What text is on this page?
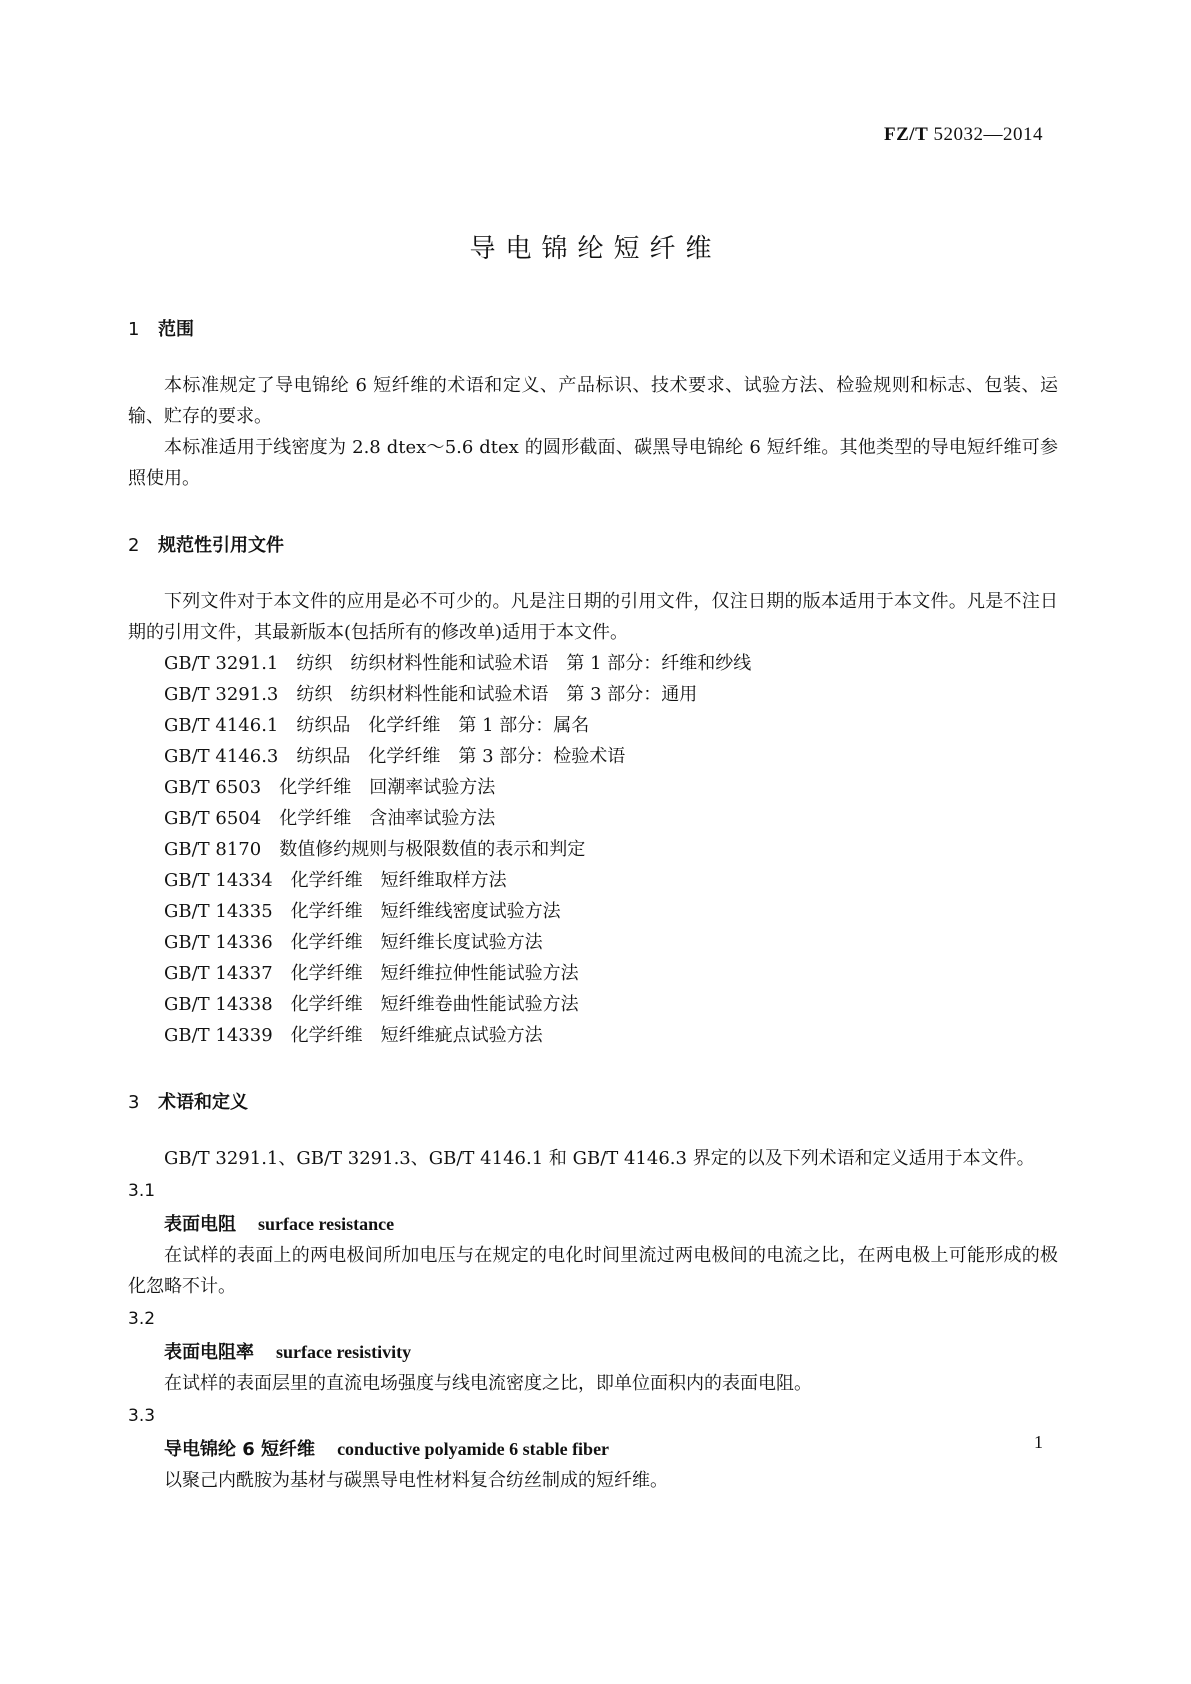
FZ/T 52032—2014
导电锦纶短纤维
1 范围

本标准规定了导电锦纶 6 短纤维的术语和定义、产品标识、技术要求、试验方法、检验规则和标志、包装、运输、贮存的要求。

本标准适用于线密度为 2.8 dtex～5.6 dtex 的圆形截面、碳黑导电锦纶 6 短纤维。其他类型的导电短纤维可参照使用。

2 规范性引用文件

下列文件对于本文件的应用是必不可少的。凡是注日期的引用文件，仅注日期的版本适用于本文件。凡是不注日期的引用文件，其最新版本(包括所有的修改单)适用于本文件。

GB/T 3291.1　纺织　纺织材料性能和试验术语　第 1 部分：纤维和纱线
GB/T 3291.3　纺织　纺织材料性能和试验术语　第 3 部分：通用
GB/T 4146.1　纺织品　化学纤维　第 1 部分：属名
GB/T 4146.3　纺织品　化学纤维　第 3 部分：检验术语
GB/T 6503　化学纤维　回潮率试验方法
GB/T 6504　化学纤维　含油率试验方法
GB/T 8170　数值修约规则与极限数值的表示和判定
GB/T 14334　化学纤维　短纤维取样方法
GB/T 14335　化学纤维　短纤维线密度试验方法
GB/T 14336　化学纤维　短纤维长度试验方法
GB/T 14337　化学纤维　短纤维拉伸性能试验方法
GB/T 14338　化学纤维　短纤维卷曲性能试验方法
GB/T 14339　化学纤维　短纤维疵点试验方法
3 术语和定义

GB/T 3291.1、GB/T 3291.3、GB/T 4146.1 和 GB/T 4146.3 界定的以及下列术语和定义适用于本文件。

3.1
表面电阻 surface resistance

在试样的表面上的两电极间所加电压与在规定的电化时间里流过两电极间的电流之比，在两电极上可能形成的极化忽略不计。

3.2
表面电阻率 surface resistivity

在试样的表面层里的直流电场强度与线电流密度之比，即单位面积内的表面电阻。

3.3
导电锦纶 6 短纤维 conductive polyamide 6 stable fiber

以聚己内酰胺为基材与碳黑导电性材料复合纺丝制成的短纤维。

1
